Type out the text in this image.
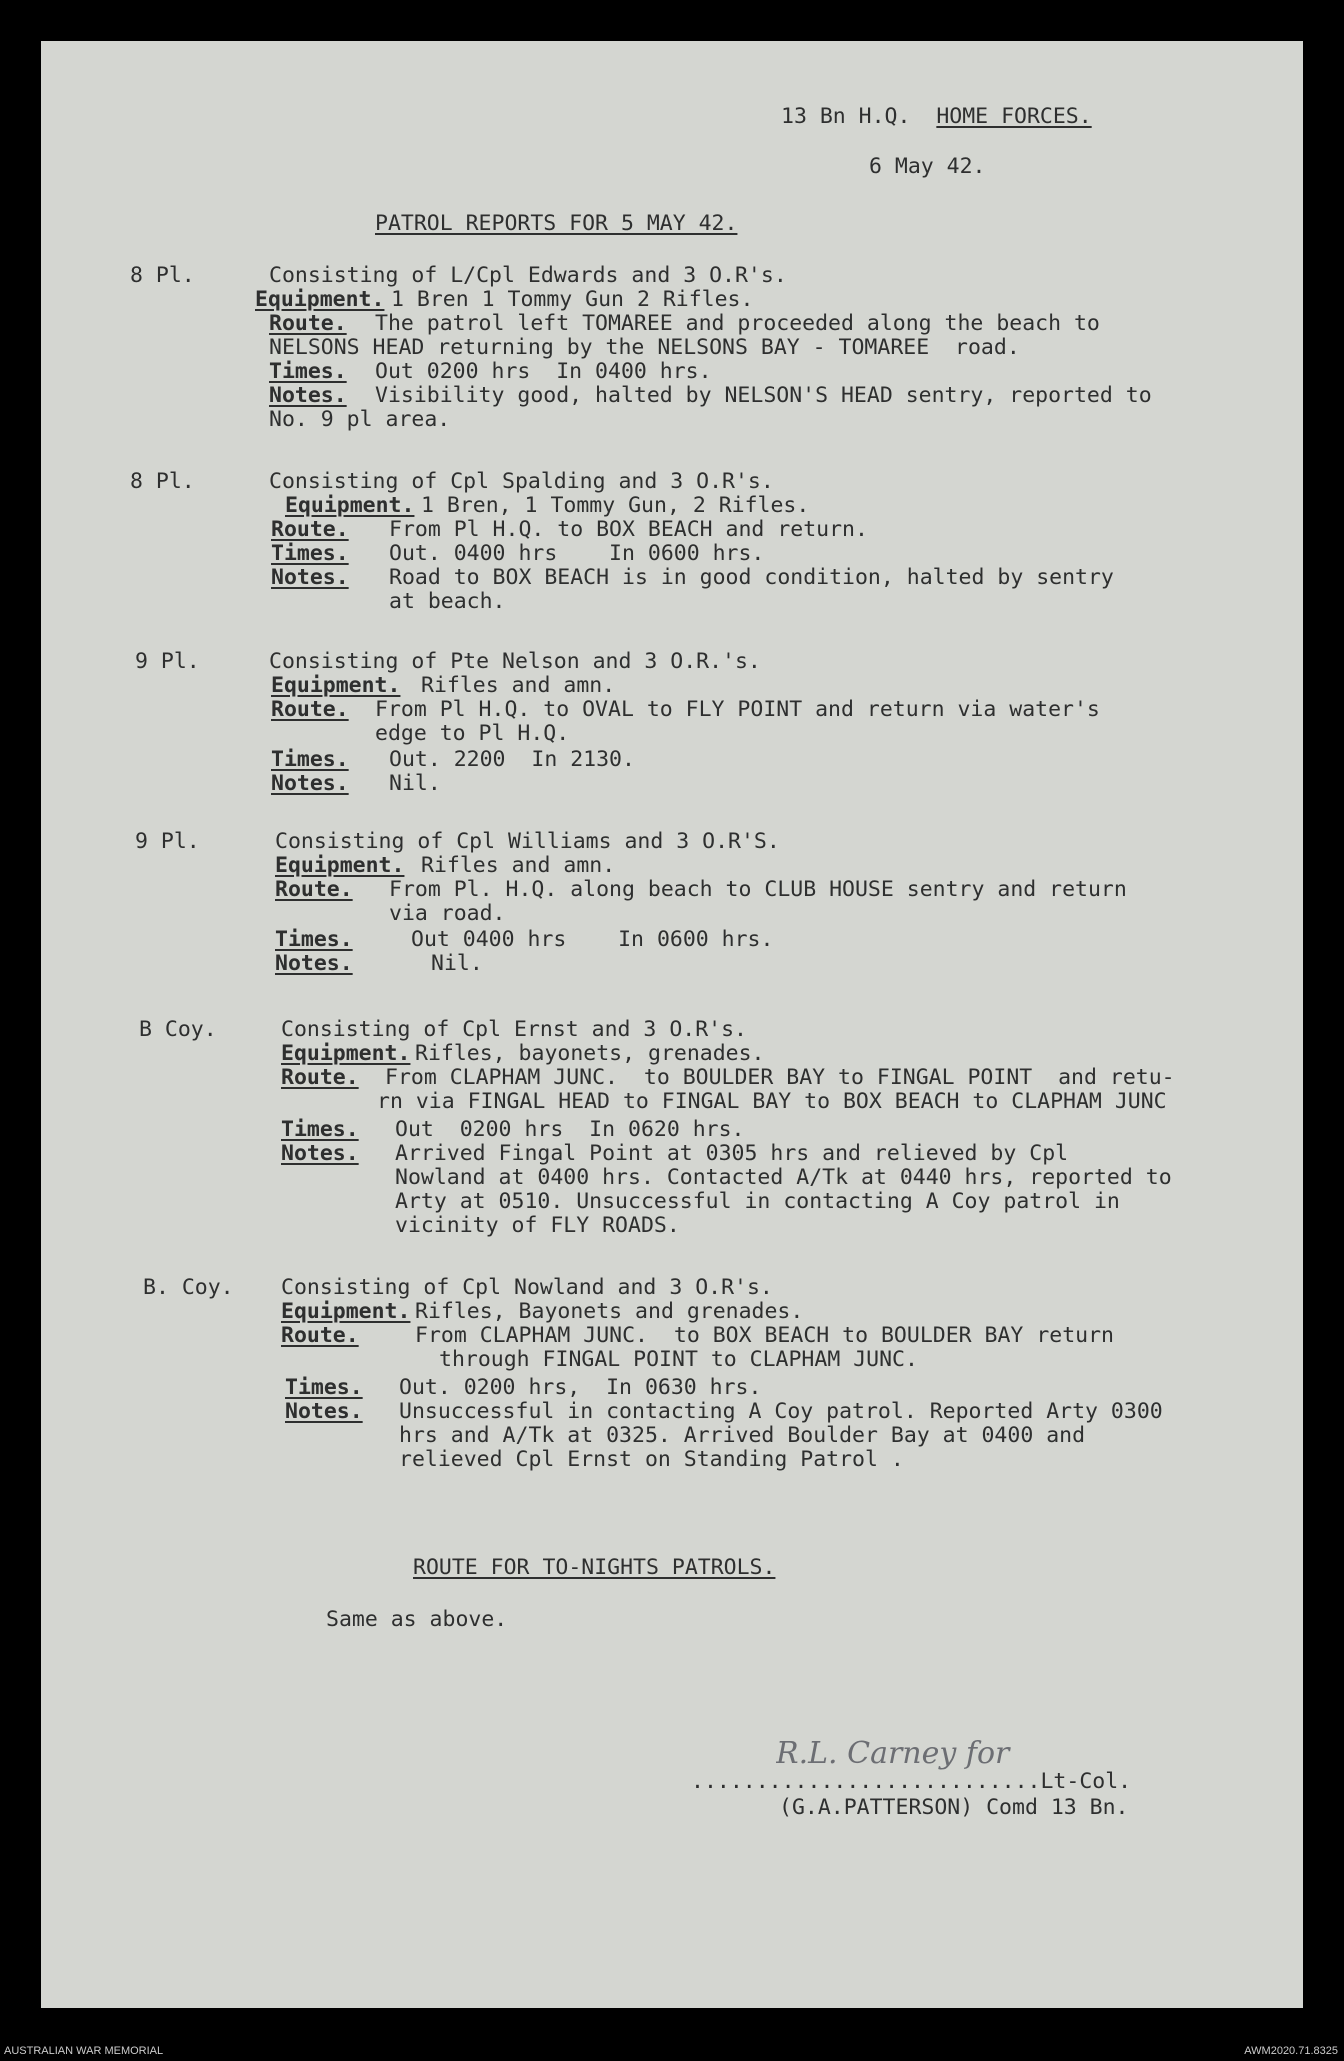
13 Bn H.Q. HOME FORCES.
6 May 42.
PATROL REPORTS FOR 5 MAY 42.
8 Pl.	Consisting of L/Cpl Edwards and 3 O.R's.
Equipment. 1 Bren 1 Tommy Gun 2 Rifles.
Route. The patrol left TOMAREE and proceeded along the beach to
NELSONS HEAD returning by the NELSONS BAY - TOMAREE  road.
Times. Out 0200 hrs  In 0400 hrs.
Notes. Visibility good, halted by NELSON'S HEAD sentry, reported to
No. 9 pl area.
8 Pl.	Consisting of Cpl Spalding and 3 O.R's.
Equipment. 1 Bren, 1 Tommy Gun, 2 Rifles.
Route. From Pl H.Q. to BOX BEACH and return.
Times. Out. 0400 hrs    In 0600 hrs.
Notes. Road to BOX BEACH is in good condition, halted by sentry
at beach.
9 Pl.	Consisting of Pte Nelson and 3 O.R.'s.
Equipment. Rifles and amn.
Route. From Pl H.Q. to OVAL to FLY POINT and return via water's
edge to Pl H.Q.
Times. Out. 2200  In 2130.
Notes. Nil.
9 Pl.	Consisting of Cpl Williams and 3 O.R'S.
Equipment. Rifles and amn.
Route. From Pl. H.Q. along beach to CLUB HOUSE sentry and return
via road.
Times.	Out 0400 hrs    In 0600 hrs.
Notes.	Nil.
B Coy.	Consisting of Cpl Ernst and 3 O.R's.
Equipment. Rifles, bayonets, grenades.
Route. From CLAPHAM JUNC.  to BOULDER BAY to FINGAL POINT  and retu-
rn via FINGAL HEAD to FINGAL BAY to BOX BEACH to CLAPHAM JUNC
Times. Out  0200 hrs  In 0620 hrs.
Notes. Arrived Fingal Point at 0305 hrs and relieved by Cpl
Nowland at 0400 hrs. Contacted A/Tk at 0440 hrs, reported to
Arty at 0510. Unsuccessful in contacting A Coy patrol in
vicinity of FLY ROADS.
B. Coy. Consisting of Cpl Nowland and 3 O.R's.
Equipment. Rifles, Bayonets and grenades.
Route.	From CLAPHAM JUNC.  to BOX BEACH to BOULDER BAY return
through FINGAL POINT to CLAPHAM JUNC.
Times. Out. 0200 hrs,  In 0630 hrs.
Notes. Unsuccessful in contacting A Coy patrol. Reported Arty 0300
hrs and A/Tk at 0325. Arrived Boulder Bay at 0400 and
relieved Cpl Ernst on Standing Patrol .
ROUTE FOR TO-NIGHTS PATROLS.
Same as above.
R.L. Carney for
...........................Lt-Col.
(G.A.PATTERSON) Comd 13 Bn.
AUSTRALIAN WAR MEMORIAL	AWM2020.71.8325
